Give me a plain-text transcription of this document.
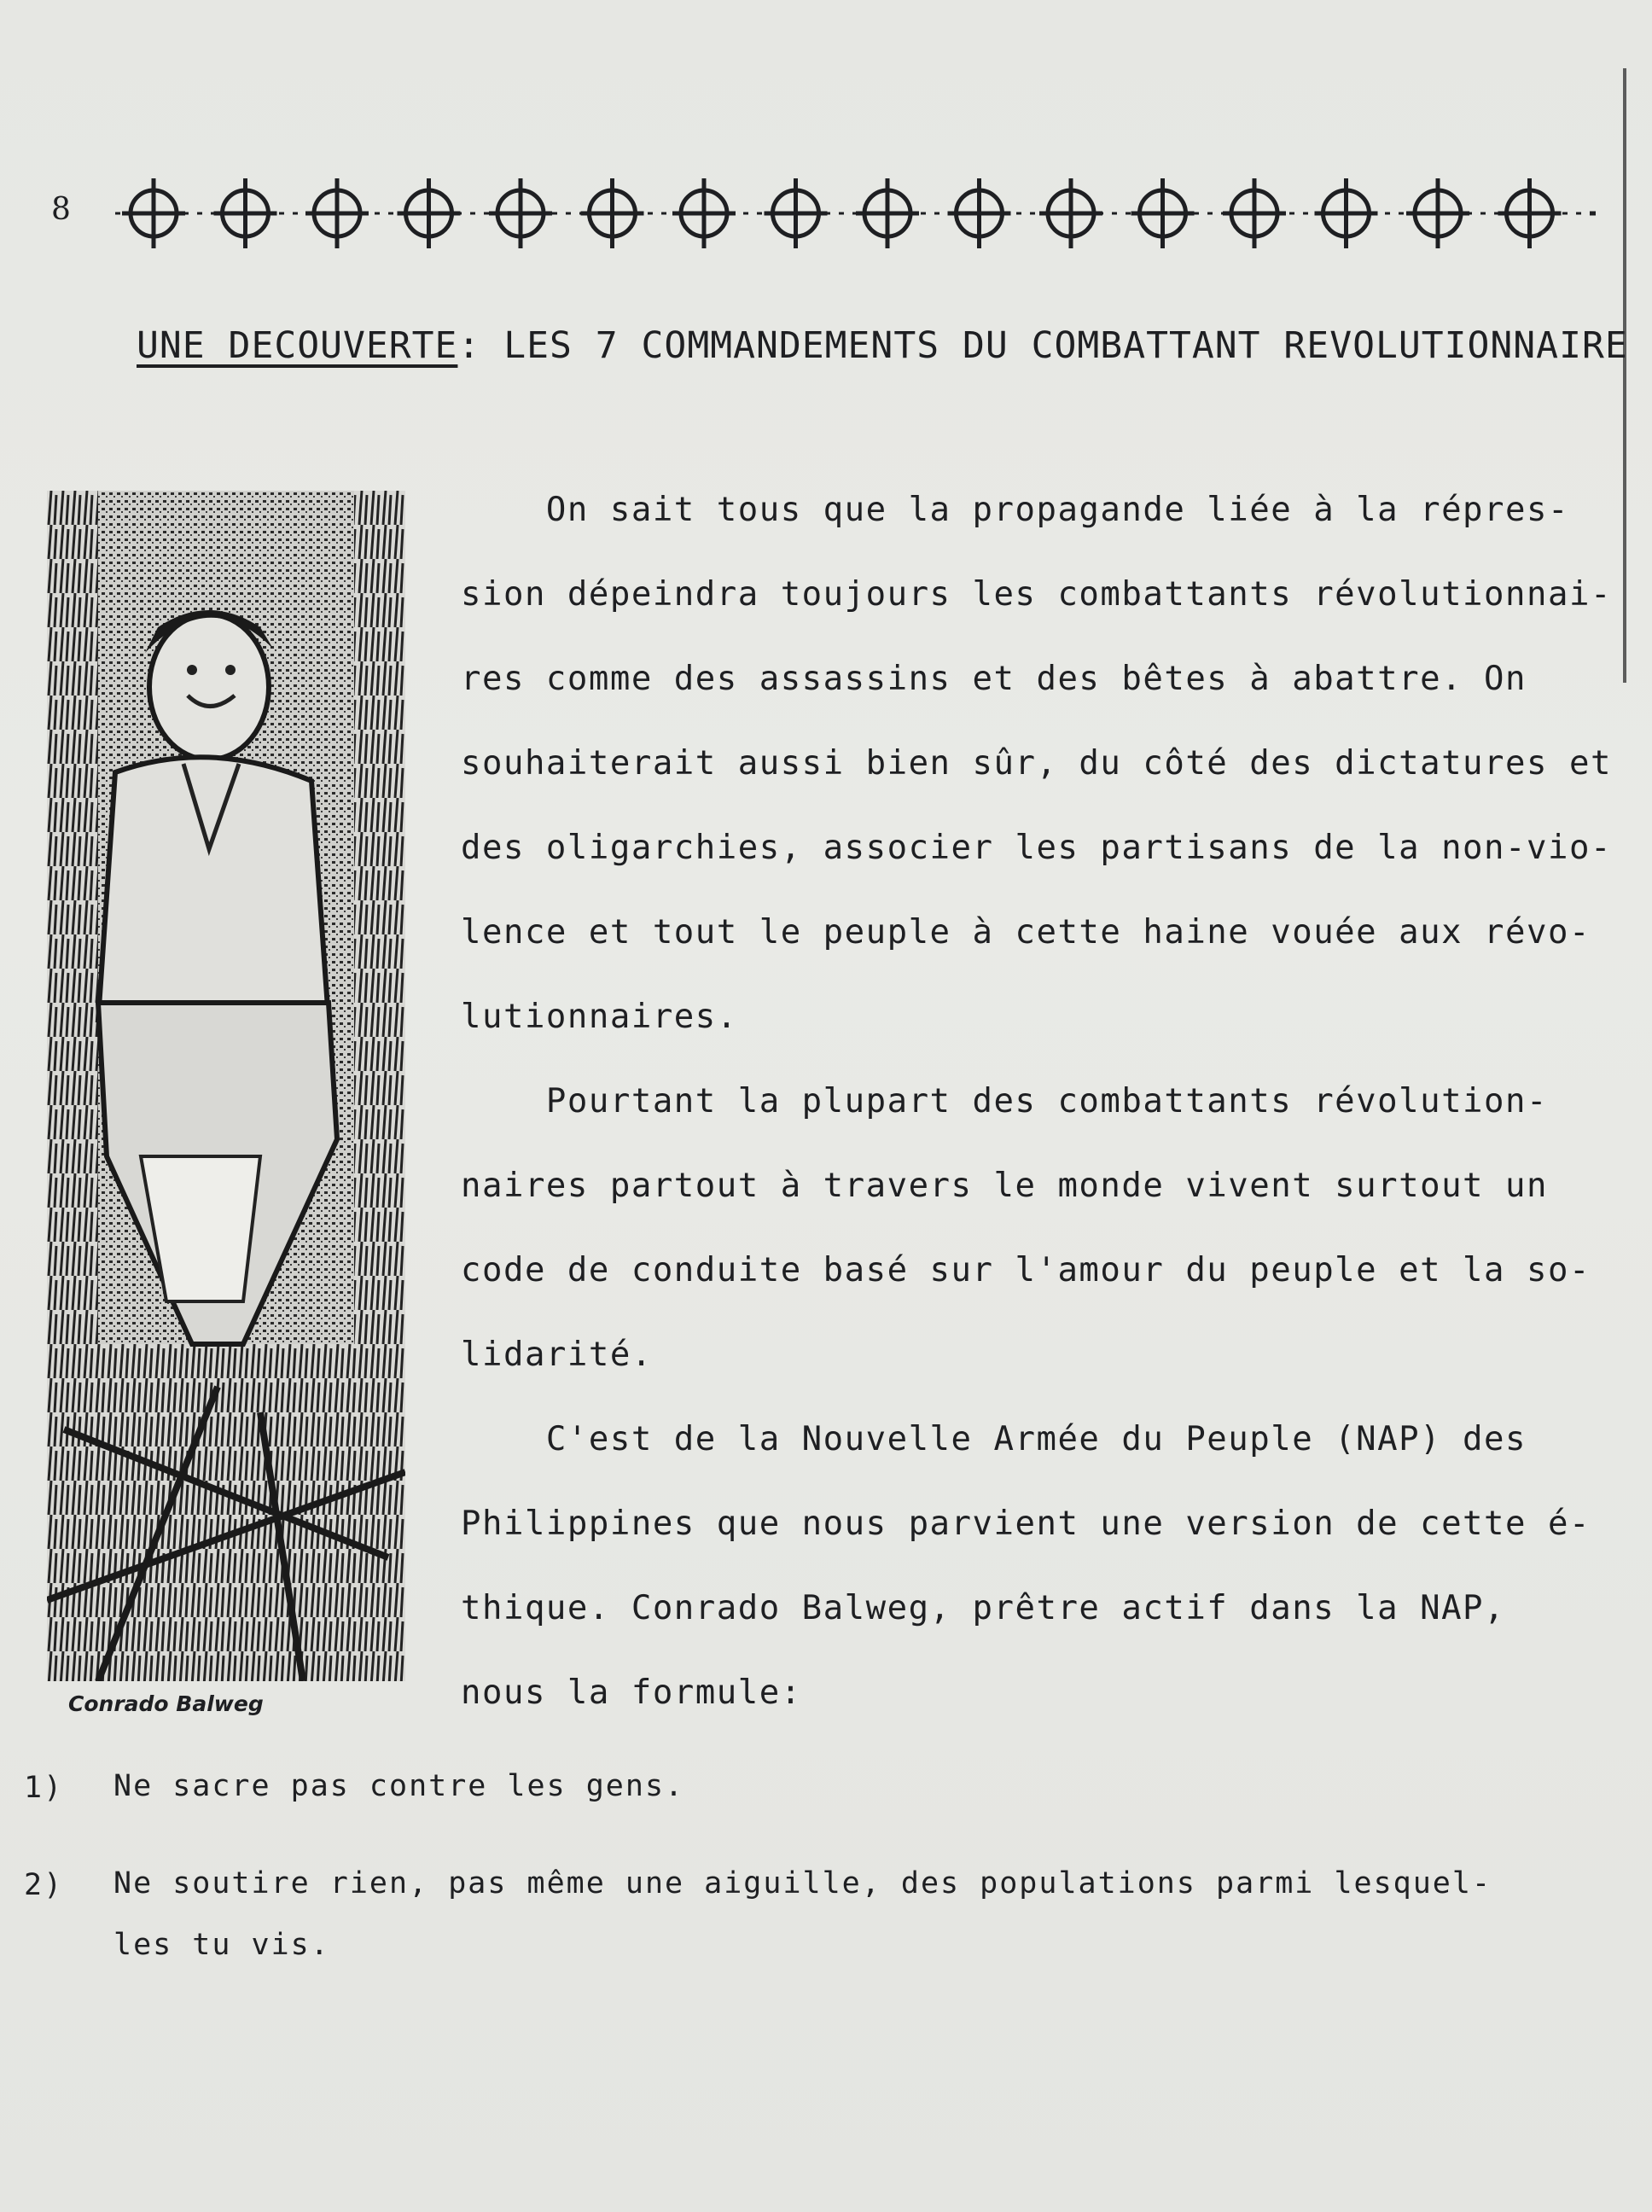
8
UNE DECOUVERTE: LES 7 COMMANDEMENTS DU COMBATTANT REVOLUTIONNAIRE
Conrado Balweg
On sait tous que la propagande liée à la répres-
sion dépeindra toujours les combattants révolutionnai-
res comme des assassins et des bêtes à abattre. On
souhaiterait aussi bien sûr, du côté des dictatures et
des oligarchies, associer les partisans de la non-vio-
lence et tout le peuple à cette haine vouée aux révo-
lutionnaires.
Pourtant la plupart des combattants révolution-
naires partout à travers le monde vivent surtout un
code de conduite basé sur l'amour du peuple et la so-
lidarité.
C'est de la Nouvelle Armée du Peuple (NAP) des
Philippines que nous parvient une version de cette é-
thique. Conrado Balweg, prêtre actif dans la NAP,
nous la formule:
1)	Ne sacre pas contre les gens.
2)	Ne soutire rien, pas même une aiguille, des populations parmi lesquel-
les tu vis.
